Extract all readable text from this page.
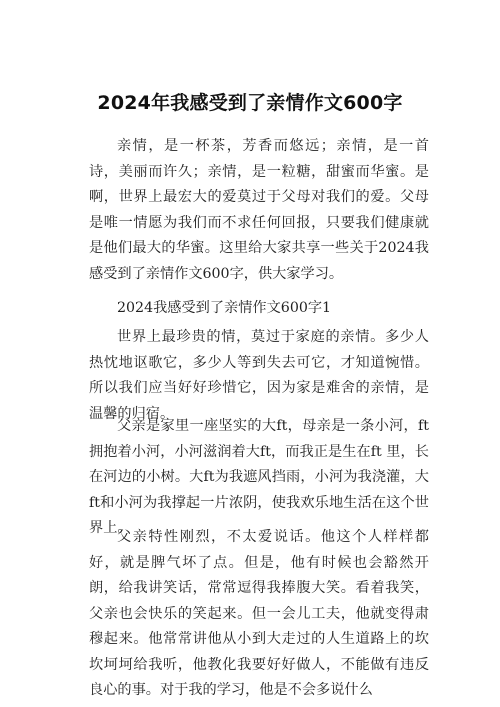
2024年我感受到了亲情作文600字

亲情，是一杯茶，芳香而悠远；亲情，是一首诗，美丽而许久；亲情，是一粒糖，甜蜜而华蜜。是啊，世界上最宏大的爱莫过于父母对我们的爱。父母是唯一情愿为我们而不求任何回报，只要我们健康就是他们最大的华蜜。这里给大家共享一些关于2024我感受到了亲情作文600字，供大家学习。

2024我感受到了亲情作文600字1

世界上最珍贵的情，莫过于家庭的亲情。多少人热忱地讴歌它，多少人等到失去可它，才知道惋惜。所以我们应当好好珍惜它，因为家是难舍的亲情，是温馨的归宿。

父亲是家里一座坚实的大ft，母亲是一条小河，ft 拥抱着小河，小河滋润着大ft，而我正是生在ft 里，长在河边的小树。大ft为我遮风挡雨，小河为我浇灌，大ft和小河为我撑起一片浓阴，使我欢乐地生活在这个世界上。

父亲特性刚烈，不太爱说话。他这个人样样都好，就是脾气坏了点。但是，他有时候也会豁然开朗，给我讲笑话，常常逗得我捧腹大笑。看着我笑，父亲也会快乐的笑起来。但一会儿工夫，他就变得肃穆起来。他常常讲他从小到大走过的人生道路上的坎坎坷坷给我听，他教化我要好好做人，不能做有违反良心的事。对于我的学习，他是不会多说什么
